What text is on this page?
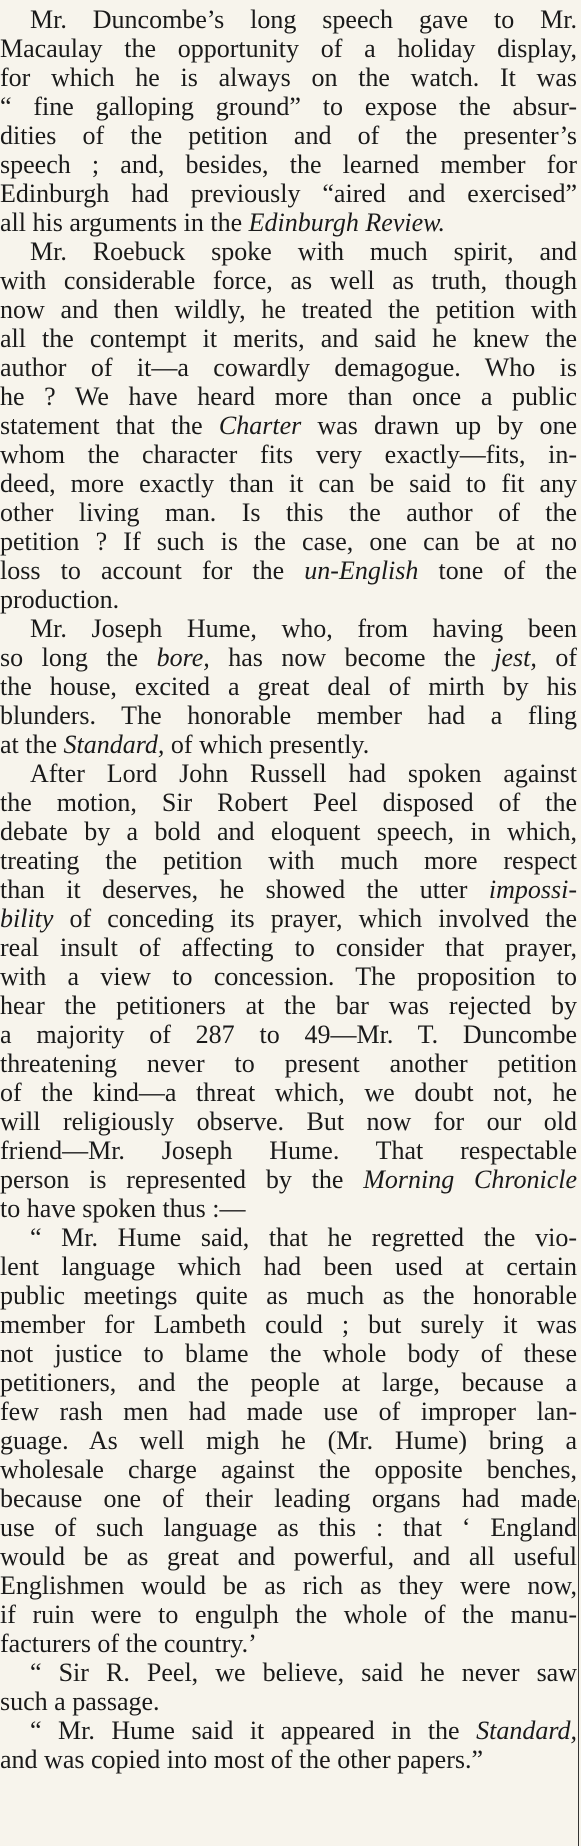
Mr. Duncombe’s long speech gave to Mr.
Macaulay the opportunity of a holiday display,
for which he is always on the watch. It was
“ fine galloping ground” to expose the absur-
dities of the petition and of the presenter’s
speech ; and, besides, the learned member for
Edinburgh had previously “aired and exercised”
all his arguments in the Edinburgh Review.
Mr. Roebuck spoke with much spirit, and
with considerable force, as well as truth, though
now and then wildly, he treated the petition with
all the contempt it merits, and said he knew the
author of it—a cowardly demagogue. Who is
he ? We have heard more than once a public
statement that the Charter was drawn up by one
whom the character fits very exactly—fits, in-
deed, more exactly than it can be said to fit any
other living man. Is this the author of the
petition ? If such is the case, one can be at no
loss to account for the un-English tone of the
production.
Mr. Joseph Hume, who, from having been
so long the bore, has now become the jest, of
the house, excited a great deal of mirth by his
blunders. The honorable member had a fling
at the Standard, of which presently.
After Lord John Russell had spoken against
the motion, Sir Robert Peel disposed of the
debate by a bold and eloquent speech, in which,
treating the petition with much more respect
than it deserves, he showed the utter impossi-
bility of conceding its prayer, which involved the
real insult of affecting to consider that prayer,
with a view to concession. The proposition to
hear the petitioners at the bar was rejected by
a majority of 287 to 49—Mr. T. Duncombe
threatening never to present another petition
of the kind—a threat which, we doubt not, he
will religiously observe. But now for our old
friend—Mr. Joseph Hume. That respectable
person is represented by the Morning Chronicle
to have spoken thus :—
“ Mr. Hume said, that he regretted the vio-
lent language which had been used at certain
public meetings quite as much as the honorable
member for Lambeth could ; but surely it was
not justice to blame the whole body of these
petitioners, and the people at large, because a
few rash men had made use of improper lan-
guage. As well migh he (Mr. Hume) bring a
wholesale charge against the opposite benches,
because one of their leading organs had made
use of such language as this : that ‘ England
would be as great and powerful, and all useful
Englishmen would be as rich as they were now,
if ruin were to engulph the whole of the manu-
facturers of the country.’
“ Sir R. Peel, we believe, said he never saw
such a passage.
“ Mr. Hume said it appeared in the Standard,
and was copied into most of the other papers.”
